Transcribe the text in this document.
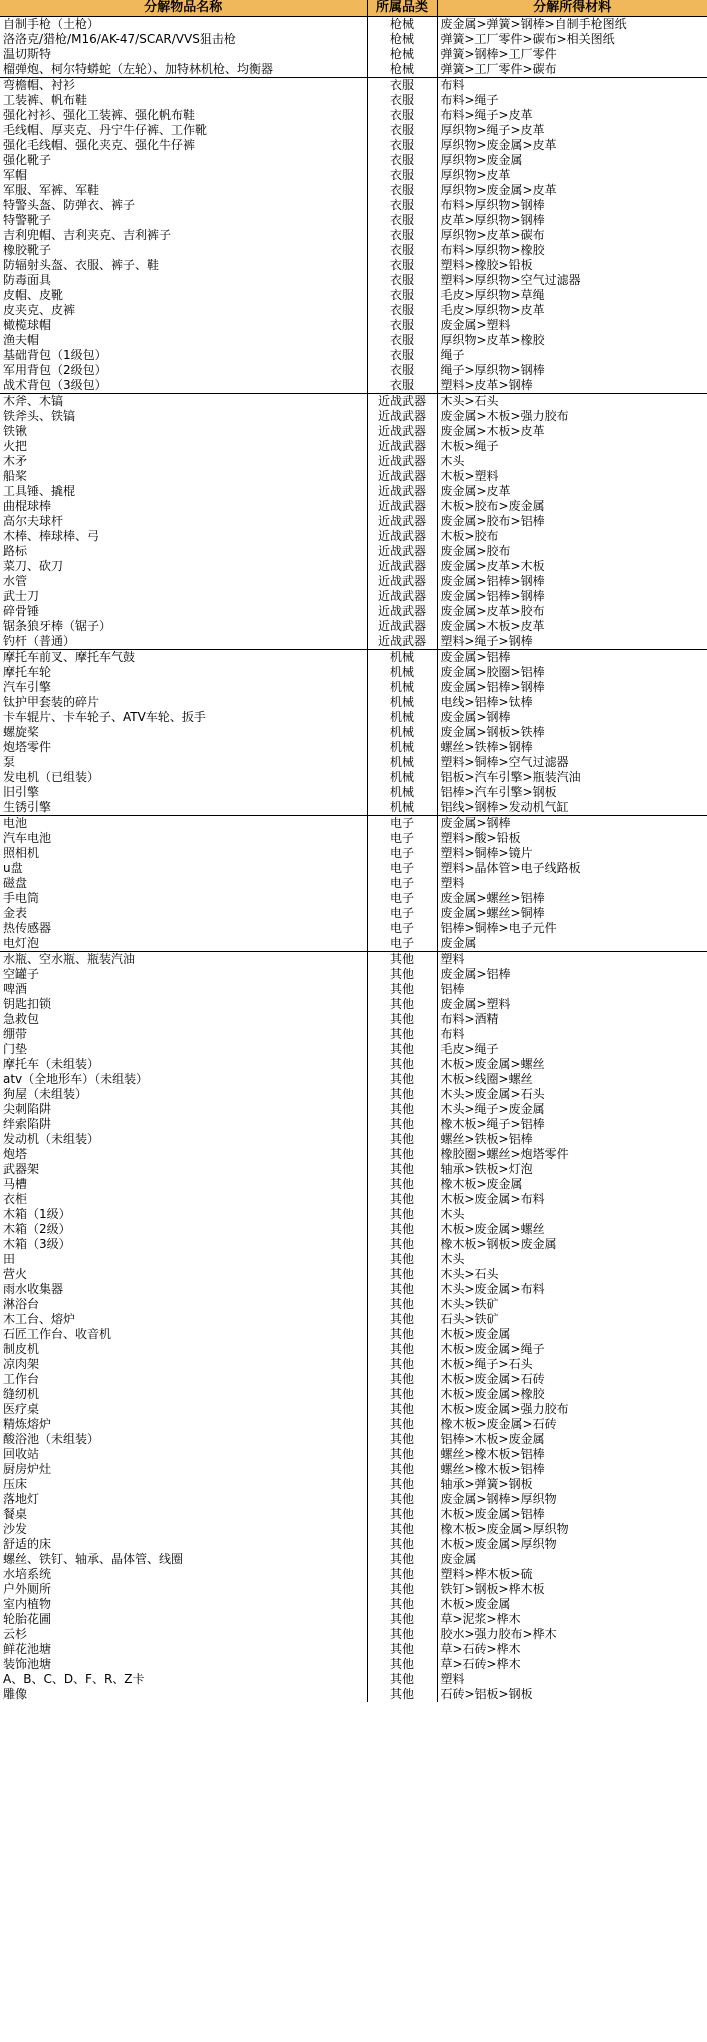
分解物品名称	所属品类	分解所得材料
自制手枪（土枪）	枪械	废金属>弹簧>钢棒>自制手枪图纸
洛洛克/猎枪/M16/AK-47/SCAR/VVS狙击枪	枪械	弹簧>工厂零件>碳布>相关图纸
温切斯特	枪械	弹簧>钢棒>工厂零件
榴弹炮、柯尔特蟒蛇（左轮）、加特林机枪、均衡器	枪械	弹簧>工厂零件>碳布
弯檐帽、衬衫	衣服	布料
工装裤、帆布鞋	衣服	布料>绳子
强化衬衫、强化工装裤、强化帆布鞋	衣服	布料>绳子>皮革
毛线帽、厚夹克、丹宁牛仔裤、工作靴	衣服	厚织物>绳子>皮革
强化毛线帽、强化夹克、强化牛仔裤	衣服	厚织物>废金属>皮革
强化靴子	衣服	厚织物>废金属
军帽	衣服	厚织物>皮革
军服、军裤、军鞋	衣服	厚织物>废金属>皮革
特警头盔、防弹衣、裤子	衣服	布料>厚织物>钢棒
特警靴子	衣服	皮革>厚织物>钢棒
吉利兜帽、吉利夹克、吉利裤子	衣服	厚织物>皮革>碳布
橡胶靴子	衣服	布料>厚织物>橡胶
防辐射头盔、衣服、裤子、鞋	衣服	塑料>橡胶>铅板
防毒面具	衣服	塑料>厚织物>空气过滤器
皮帽、皮靴	衣服	毛皮>厚织物>草绳
皮夹克、皮裤	衣服	毛皮>厚织物>皮革
橄榄球帽	衣服	废金属>塑料
渔夫帽	衣服	厚织物>皮革>橡胶
基础背包（1级包）	衣服	绳子
军用背包（2级包）	衣服	绳子>厚织物>钢棒
战术背包（3级包）	衣服	塑料>皮革>钢棒
木斧、木镐	近战武器	木头>石头
铁斧头、铁镐	近战武器	废金属>木板>强力胶布
铁锹	近战武器	废金属>木板>皮革
火把	近战武器	木板>绳子
木矛	近战武器	木头
船桨	近战武器	木板>塑料
工具锤、撬棍	近战武器	废金属>皮革
曲棍球棒	近战武器	木板>胶布>废金属
高尔夫球杆	近战武器	废金属>胶布>铝棒
木棒、棒球棒、弓	近战武器	木板>胶布
路标	近战武器	废金属>胶布
菜刀、砍刀	近战武器	废金属>皮革>木板
水管	近战武器	废金属>铝棒>钢棒
武士刀	近战武器	废金属>铝棒>钢棒
碎骨锤	近战武器	废金属>皮革>胶布
锯条狼牙棒（锯子）	近战武器	废金属>木板>皮革
钓杆（普通）	近战武器	塑料>绳子>钢棒
摩托车前叉、摩托车气鼓	机械	废金属>铝棒
摩托车轮	机械	废金属>胶圈>铝棒
汽车引擎	机械	废金属>铝棒>钢棒
钛护甲套装的碎片	机械	电线>铝棒>钛棒
卡车辊片、卡车轮子、ATV车轮、扳手	机械	废金属>钢棒
螺旋桨	机械	废金属>钢板>铁棒
炮塔零件	机械	螺丝>铁棒>钢棒
泵	机械	塑料>铜棒>空气过滤器
发电机（已组装）	机械	铝板>汽车引擎>瓶装汽油
旧引擎	机械	铝棒>汽车引擎>钢板
生锈引擎	机械	铝线>钢棒>发动机气缸
电池	电子	废金属>钢棒
汽车电池	电子	塑料>酸>铅板
照相机	电子	塑料>铜棒>镜片
u盘	电子	塑料>晶体管>电子线路板
磁盘	电子	塑料
手电筒	电子	废金属>螺丝>铝棒
金表	电子	废金属>螺丝>铜棒
热传感器	电子	铝棒>铜棒>电子元件
电灯泡	电子	废金属
水瓶、空水瓶、瓶装汽油	其他	塑料
空罐子	其他	废金属>铝棒
啤酒	其他	铝棒
钥匙扣锁	其他	废金属>塑料
急救包	其他	布料>酒精
绷带	其他	布料
门垫	其他	毛皮>绳子
摩托车（未组装）	其他	木板>废金属>螺丝
atv（全地形车）（未组装）	其他	木板>线圈>螺丝
狗屋（未组装）	其他	木头>废金属>石头
尖刺陷阱	其他	木头>绳子>废金属
绊索陷阱	其他	橡木板>绳子>铝棒
发动机（未组装）	其他	螺丝>铁板>铝棒
炮塔	其他	橡胶圈>螺丝>炮塔零件
武器架	其他	轴承>铁板>灯泡
马槽	其他	橡木板>废金属
衣柜	其他	木板>废金属>布料
木箱（1级）	其他	木头
木箱（2级）	其他	木板>废金属>螺丝
木箱（3级）	其他	橡木板>钢板>废金属
田	其他	木头
营火	其他	木头>石头
雨水收集器	其他	木头>废金属>布料
淋浴台	其他	木头>铁矿
木工台、熔炉	其他	石头>铁矿
石匠工作台、收音机	其他	木板>废金属
制皮机	其他	木板>废金属>绳子
凉肉架	其他	木板>绳子>石头
工作台	其他	木板>废金属>石砖
缝纫机	其他	木板>废金属>橡胶
医疗桌	其他	木板>废金属>强力胶布
精炼熔炉	其他	橡木板>废金属>石砖
酸浴池（未组装）	其他	铝棒>木板>废金属
回收站	其他	螺丝>橡木板>铝棒
厨房炉灶	其他	螺丝>橡木板>铝棒
压床	其他	轴承>弹簧>钢板
落地灯	其他	废金属>钢棒>厚织物
餐桌	其他	木板>废金属>铝棒
沙发	其他	橡木板>废金属>厚织物
舒适的床	其他	木板>废金属>厚织物
螺丝、铁钉、轴承、晶体管、线圈	其他	废金属
水培系统	其他	塑料>桦木板>硫
户外厕所	其他	铁钉>钢板>桦木板
室内植物	其他	木板>废金属
轮胎花圃	其他	草>泥浆>桦木
云杉	其他	胶水>强力胶布>桦木
鲜花池塘	其他	草>石砖>桦木
装饰池塘	其他	草>石砖>桦木
A、B、C、D、F、R、Z卡	其他	塑料
雕像	其他	石砖>铝板>钢板
